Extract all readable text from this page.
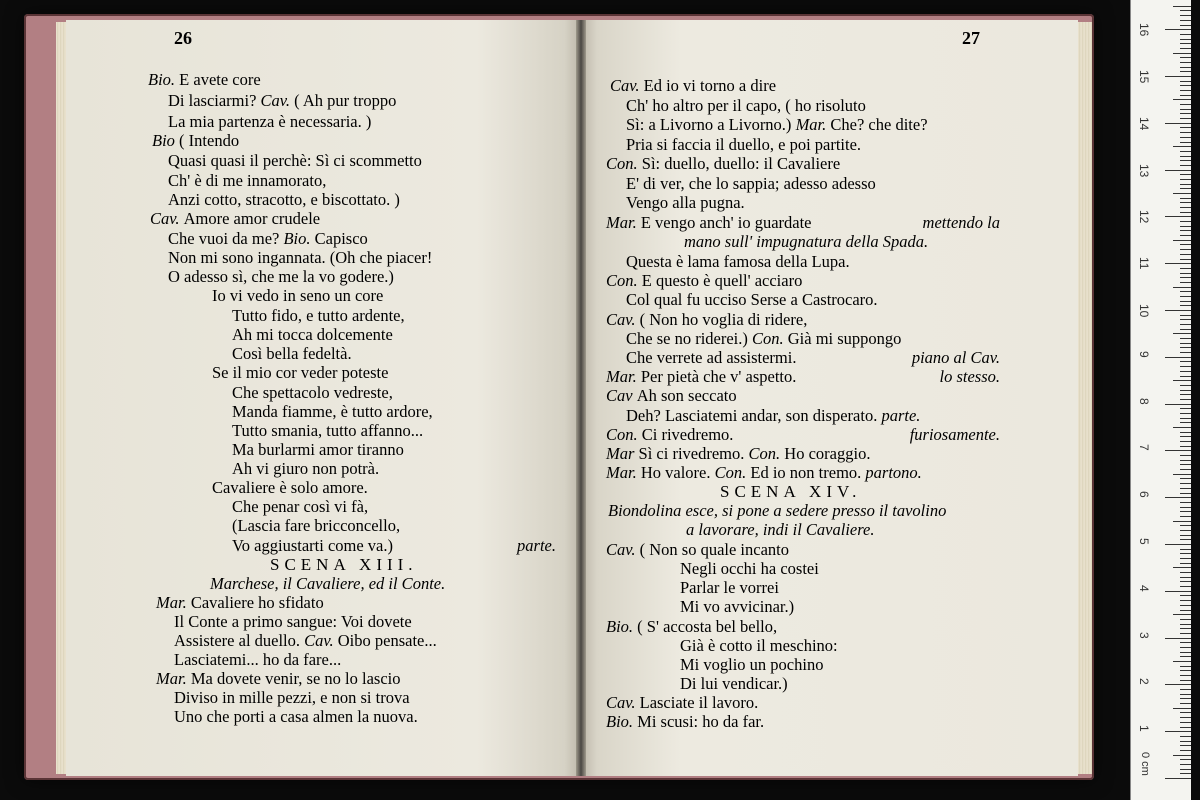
26	27
Bio. E avete core
Di lasciarmi? Cav. ( Ah pur troppo
La mia partenza è necessaria. )
Bio ( Intendo
Quasi quasi il perchè: Sì ci scommetto
Ch' è di me innamorato,
Anzi cotto, stracotto, e biscottato. )
Cav. Amore amor crudele
Che vuoi da me? Bio. Capisco
Non mi sono ingannata. (Oh che piacer!
O adesso sì, che me la vo godere.)
Io vi vedo in seno un core
Tutto fido, e tutto ardente,
Ah mi tocca dolcemente
Così bella fedeltà.
Se il mio cor veder poteste
Che spettacolo vedreste,
Manda fiamme, è tutto ardore,
Tutto smania, tutto affanno...
Ma burlarmi amor tiranno
Ah vi giuro non potrà.
Cavaliere è solo amore.
Che penar così vi fà,
(Lascia fare bricconcello,
Vo aggiustarti come va.)	parte.
SCENA XIII.
Marchese, il Cavaliere, ed il Conte.
Mar. Cavaliere ho sfidato
Il Conte a primo sangue: Voi dovete
Assistere al duello. Cav. Oibo pensate...
Lasciatemi... ho da fare...
Mar. Ma dovete venir, se no lo lascio
Diviso in mille pezzi, e non si trova
Uno che porti a casa almen la nuova.
Cav. Ed io vi torno a dire
Ch' ho altro per il capo, ( ho risoluto
Sì: a Livorno a Livorno.) Mar. Che? che dite?
Pria si faccia il duello, e poi partite.
Con. Sì: duello, duello: il Cavaliere
E' di ver, che lo sappia; adesso adesso
Vengo alla pugna.
Mar. E vengo anch' io guardate	mettendo la
mano sull' impugnatura della Spada.
Questa è lama famosa della Lupa.
Con. E questo è quell' acciaro
Col qual fu ucciso Serse a Castrocaro.
Cav. ( Non ho voglia di ridere,
Che se no riderei.) Con. Già mi suppongo
Che verrete ad assistermi.	piano al Cav.
Mar. Per pietà che v' aspetto.	lo stesso.
Cav Ah son seccato
Deh? Lasciatemi andar, son disperato. parte.
Con. Ci rivedremo.	furiosamente.
Mar Sì ci rivedremo. Con. Ho coraggio.
Mar. Ho valore. Con. Ed io non tremo. partono.
SCENA XIV.
Biondolina esce, si pone a sedere presso il tavolino
a lavorare, indi il Cavaliere.
Cav. ( Non so quale incanto
Negli occhi ha costei
Parlar le vorrei
Mi vo avvicinar.)
Bio. ( S' accosta bel bello,
Già è cotto il meschino:
Mi voglio un pochino
Di lui vendicar.)
Cav. Lasciate il lavoro.
Bio. Mi scusi: ho da far.	1
2
3
4
5
6
7
8
9
10
11
12
13
14
15
16
0 cm
